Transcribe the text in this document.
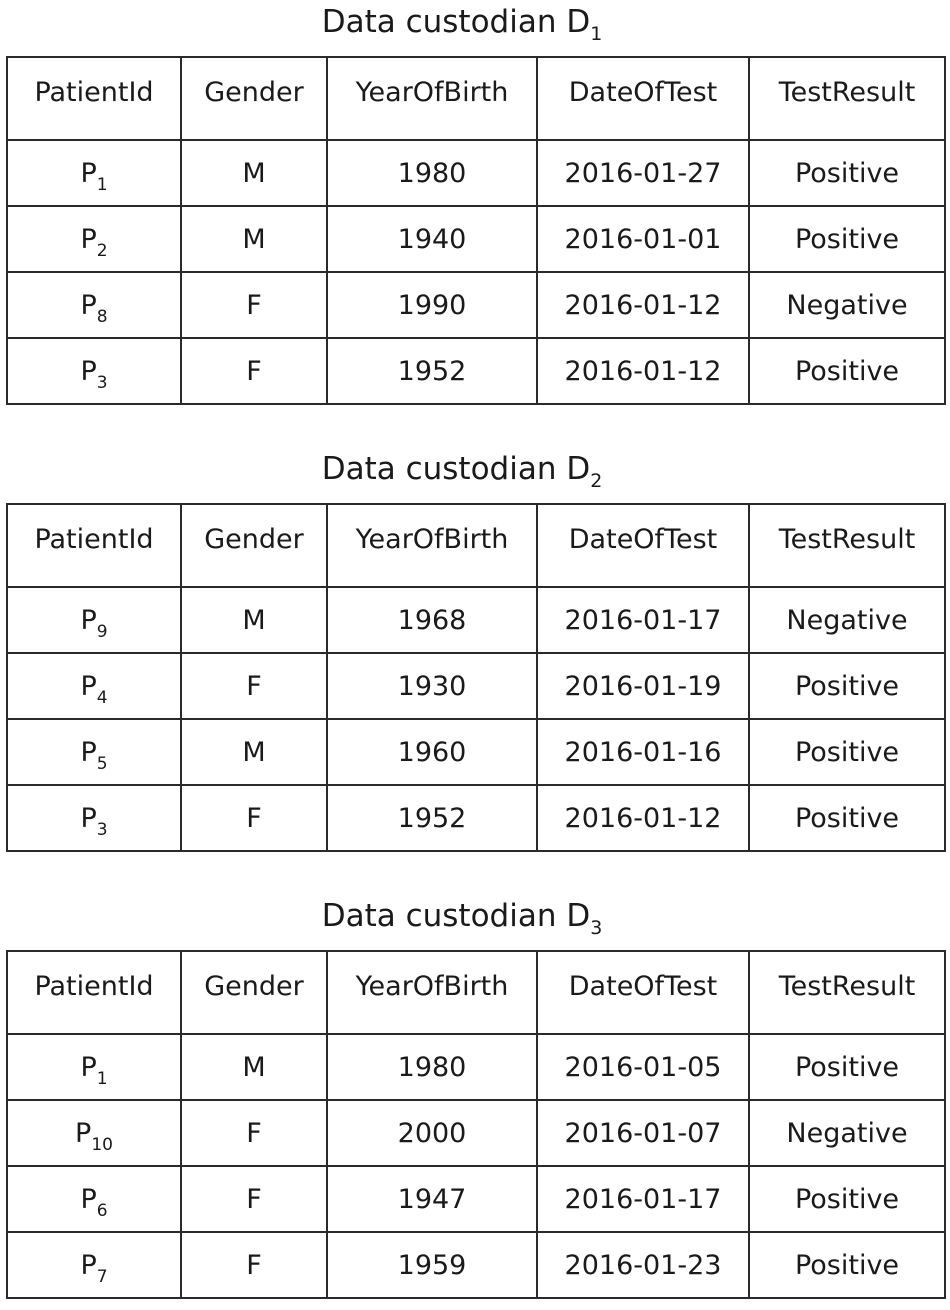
Data custodian $D_1$
PatientId	Gender	YearOfBirth	DateOfTest	TestResult
$P_1$	M	1980	2016-01-27	Positive
$P_2$	M	1940	2016-01-01	Positive
$P_8$	F	1990	2016-01-12	Negative
$P_3$	F	1952	2016-01-12	Positive
Data custodian $D_2$
PatientId	Gender	YearOfBirth	DateOfTest	TestResult
$P_9$	M	1968	2016-01-17	Negative
$P_4$	F	1930	2016-01-19	Positive
$P_5$	M	1960	2016-01-16	Positive
$P_3$	F	1952	2016-01-12	Positive
Data custodian $D_3$
PatientId	Gender	YearOfBirth	DateOfTest	TestResult
$P_1$	M	1980	2016-01-05	Positive
$P_{10}$	F	2000	2016-01-07	Negative
$P_6$	F	1947	2016-01-17	Positive
$P_7$	F	1959	2016-01-23	Positive
